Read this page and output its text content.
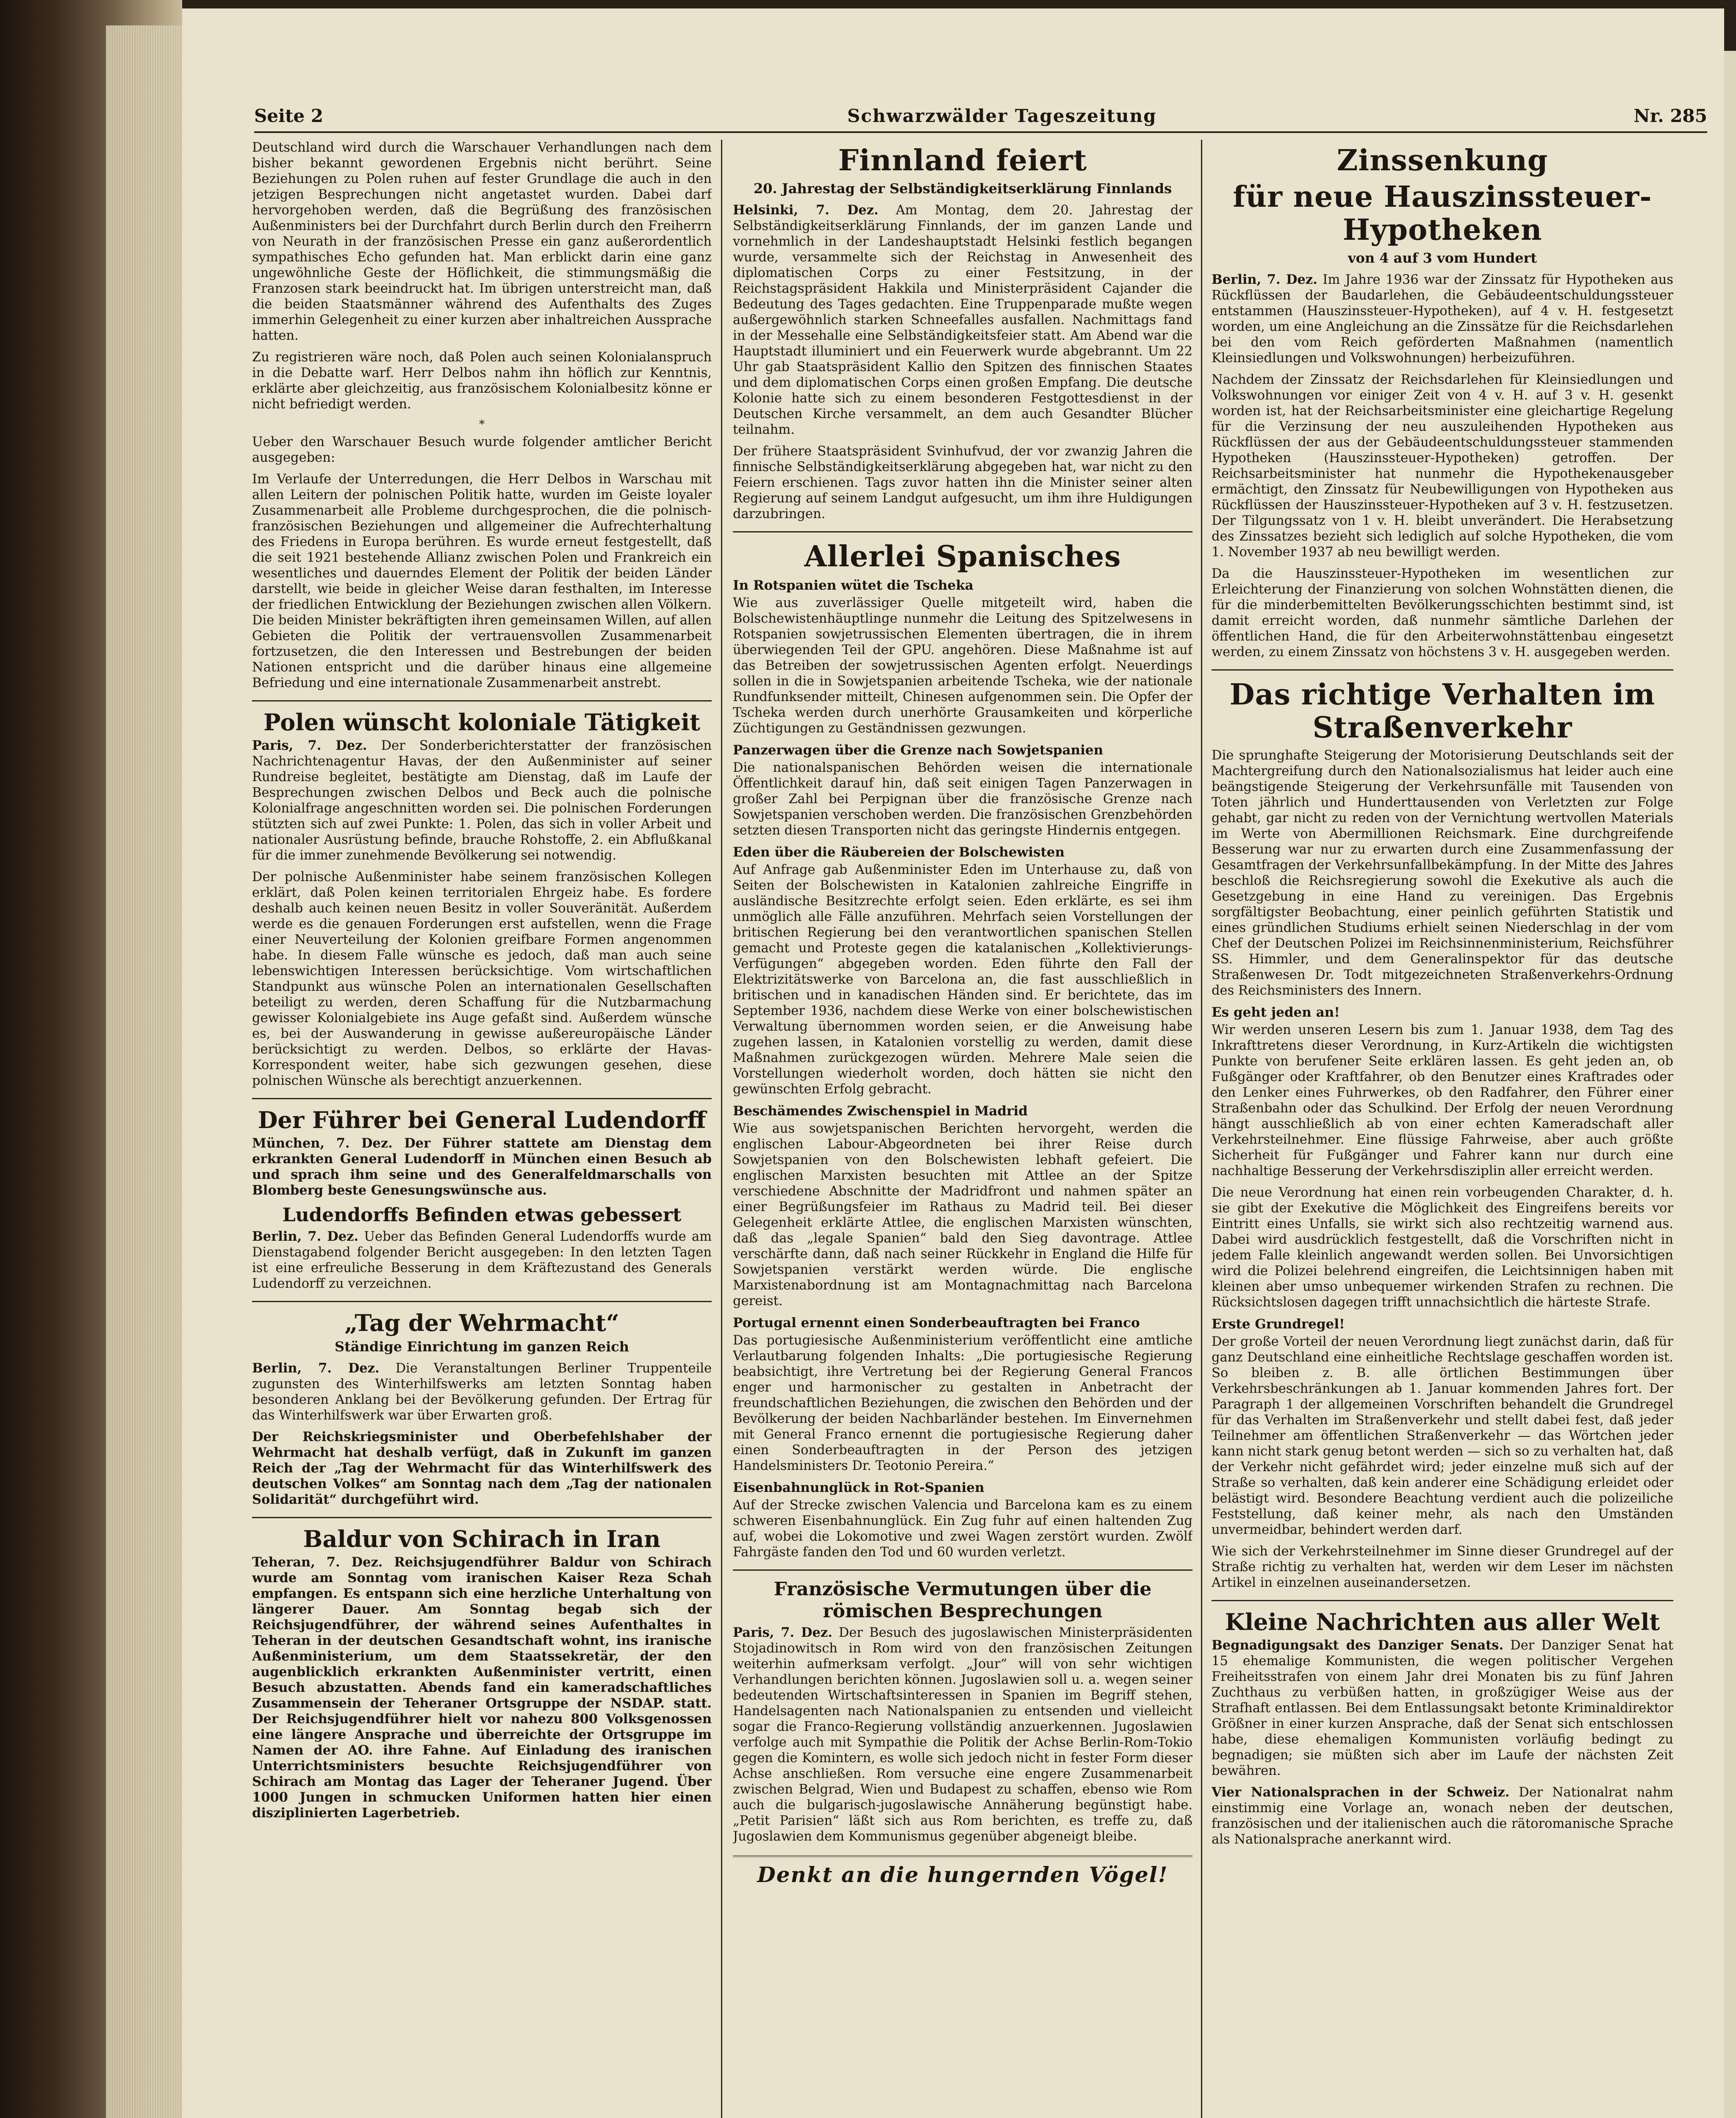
Seite 2	Schwarzwälder Tageszeitung	Nr. 285

Deutschland wird durch die Warschauer Verhandlungen nach dem bisher bekannt gewordenen Ergebnis nicht berührt. Seine Beziehungen zu Polen ruhen auf fester Grundlage die auch in den jetzigen Besprechungen nicht angetastet wurden. Dabei darf hervorgehoben werden, daß die Begrüßung des französischen Außenministers bei der Durchfahrt durch Berlin durch den Freiherrn von Neurath in der französischen Presse ein ganz außerordentlich sympathisches Echo gefunden hat. Man erblickt darin eine ganz ungewöhnliche Geste der Höflichkeit, die stimmungsmäßig die Franzosen stark beeindruckt hat. Im übrigen unterstreicht man, daß die beiden Staatsmänner während des Aufenthalts des Zuges immerhin Gelegenheit zu einer kurzen aber inhaltreichen Aussprache hatten.

Zu registrieren wäre noch, daß Polen auch seinen Kolonialanspruch in die Debatte warf. Herr Delbos nahm ihn höflich zur Kenntnis, erklärte aber gleichzeitig, aus französischem Kolonialbesitz könne er nicht befriedigt werden.

*

Ueber den Warschauer Besuch wurde folgender amtlicher Bericht ausgegeben:

Im Verlaufe der Unterredungen, die Herr Delbos in Warschau mit allen Leitern der polnischen Politik hatte, wurden im Geiste loyaler Zusammenarbeit alle Probleme durchgesprochen, die die polnisch-französischen Beziehungen und allgemeiner die Aufrechterhaltung des Friedens in Europa berühren. Es wurde erneut festgestellt, daß die seit 1921 bestehende Allianz zwischen Polen und Frankreich ein wesentliches und dauerndes Element der Politik der beiden Länder darstellt, wie beide in gleicher Weise daran festhalten, im Interesse der friedlichen Entwicklung der Beziehungen zwischen allen Völkern. Die beiden Minister bekräftigten ihren gemeinsamen Willen, auf allen Gebieten die Politik der vertrauensvollen Zusammenarbeit fortzusetzen, die den Interessen und Bestrebungen der beiden Nationen entspricht und die darüber hinaus eine allgemeine Befriedung und eine internationale Zusammenarbeit anstrebt.

Polen wünscht koloniale Tätigkeit

Paris, 7. Dez. Der Sonderberichterstatter der französischen Nachrichtenagentur Havas, der den Außenminister auf seiner Rundreise begleitet, bestätigte am Dienstag, daß im Laufe der Besprechungen zwischen Delbos und Beck auch die polnische Kolonialfrage angeschnitten worden sei. Die polnischen Forderungen stützten sich auf zwei Punkte: 1. Polen, das sich in voller Arbeit und nationaler Ausrüstung befinde, brauche Rohstoffe, 2. ein Abflußkanal für die immer zunehmende Bevölkerung sei notwendig.

Der polnische Außenminister habe seinem französischen Kollegen erklärt, daß Polen keinen territorialen Ehrgeiz habe. Es fordere deshalb auch keinen neuen Besitz in voller Souveränität. Außerdem werde es die genauen Forderungen erst aufstellen, wenn die Frage einer Neuverteilung der Kolonien greifbare Formen angenommen habe. In diesem Falle wünsche es jedoch, daß man auch seine lebenswichtigen Interessen berücksichtige. Vom wirtschaftlichen Standpunkt aus wünsche Polen an internationalen Gesellschaften beteiligt zu werden, deren Schaffung für die Nutzbarmachung gewisser Kolonialgebiete ins Auge gefaßt sind. Außerdem wünsche es, bei der Auswanderung in gewisse außereuropäische Länder berücksichtigt zu werden. Delbos, so erklärte der Havas-Korrespondent weiter, habe sich gezwungen gesehen, diese polnischen Wünsche als berechtigt anzuerkennen.

Der Führer bei General Ludendorff

München, 7. Dez. Der Führer stattete am Dienstag dem erkrankten General Ludendorff in München einen Besuch ab und sprach ihm seine und des Generalfeldmarschalls von Blomberg beste Genesungswünsche aus.

Ludendorffs Befinden etwas gebessert

Berlin, 7. Dez. Ueber das Befinden General Ludendorffs wurde am Dienstagabend folgender Bericht ausgegeben: In den letzten Tagen ist eine erfreuliche Besserung in dem Kräftezustand des Generals Ludendorff zu verzeichnen.

„Tag der Wehrmacht“
Ständige Einrichtung im ganzen Reich

Berlin, 7. Dez. Die Veranstaltungen Berliner Truppenteile zugunsten des Winterhilfswerks am letzten Sonntag haben besonderen Anklang bei der Bevölkerung gefunden. Der Ertrag für das Winterhilfswerk war über Erwarten groß.

Der Reichskriegsminister und Oberbefehlshaber der Wehrmacht hat deshalb verfügt, daß in Zukunft im ganzen Reich der „Tag der Wehrmacht für das Winterhilfswerk des deutschen Volkes“ am Sonntag nach dem „Tag der nationalen Solidarität“ durchgeführt wird.

Baldur von Schirach in Iran

Teheran, 7. Dez. Reichsjugendführer Baldur von Schirach wurde am Sonntag vom iranischen Kaiser Reza Schah empfangen. Es entspann sich eine herzliche Unterhaltung von längerer Dauer. Am Sonntag begab sich der Reichsjugendführer, der während seines Aufenthaltes in Teheran in der deutschen Gesandtschaft wohnt, ins iranische Außenministerium, um dem Staatssekretär, der den augenblicklich erkrankten Außenminister vertritt, einen Besuch abzustatten. Abends fand ein kameradschaftliches Zusammensein der Teheraner Ortsgruppe der NSDAP. statt. Der Reichsjugendführer hielt vor nahezu 800 Volksgenossen eine längere Ansprache und überreichte der Ortsgruppe im Namen der AO. ihre Fahne. Auf Einladung des iranischen Unterrichtsministers besuchte Reichsjugendführer von Schirach am Montag das Lager der Teheraner Jugend. Über 1000 Jungen in schmucken Uniformen hatten hier einen disziplinierten Lagerbetrieb.

Finnland feiert
20. Jahrestag der Selbständigkeitserklärung Finnlands

Helsinki, 7. Dez. Am Montag, dem 20. Jahrestag der Selbständigkeitserklärung Finnlands, der im ganzen Lande und vornehmlich in der Landeshauptstadt Helsinki festlich begangen wurde, versammelte sich der Reichstag in Anwesenheit des diplomatischen Corps zu einer Festsitzung, in der Reichstagspräsident Hakkila und Ministerpräsident Cajander die Bedeutung des Tages gedachten. Eine Truppenparade mußte wegen außergewöhnlich starken Schneefalles ausfallen. Nachmittags fand in der Messehalle eine Selbständigkeitsfeier statt. Am Abend war die Hauptstadt illuminiert und ein Feuerwerk wurde abgebrannt. Um 22 Uhr gab Staatspräsident Kallio den Spitzen des finnischen Staates und dem diplomatischen Corps einen großen Empfang. Die deutsche Kolonie hatte sich zu einem besonderen Festgottesdienst in der Deutschen Kirche versammelt, an dem auch Gesandter Blücher teilnahm.

Der frühere Staatspräsident Svinhufvud, der vor zwanzig Jahren die finnische Selbständigkeitserklärung abgegeben hat, war nicht zu den Feiern erschienen. Tags zuvor hatten ihn die Minister seiner alten Regierung auf seinem Landgut aufgesucht, um ihm ihre Huldigungen darzubringen.

Allerlei Spanisches
In Rotspanien wütet die Tscheka

Wie aus zuverlässiger Quelle mitgeteilt wird, haben die Bolschewistenhäuptlinge nunmehr die Leitung des Spitzelwesens in Rotspanien sowjetrussischen Elementen übertragen, die in ihrem überwiegenden Teil der GPU. angehören. Diese Maßnahme ist auf das Betreiben der sowjetrussischen Agenten erfolgt. Neuerdings sollen in die in Sowjetspanien arbeitende Tscheka, wie der nationale Rundfunksender mitteilt, Chinesen aufgenommen sein. Die Opfer der Tscheka werden durch unerhörte Grausamkeiten und körperliche Züchtigungen zu Geständnissen gezwungen.

Panzerwagen über die Grenze nach Sowjetspanien

Die nationalspanischen Behörden weisen die internationale Öffentlichkeit darauf hin, daß seit einigen Tagen Panzerwagen in großer Zahl bei Perpignan über die französische Grenze nach Sowjetspanien verschoben werden. Die französischen Grenzbehörden setzten diesen Transporten nicht das geringste Hindernis entgegen.

Eden über die Räubereien der Bolschewisten

Auf Anfrage gab Außenminister Eden im Unterhause zu, daß von Seiten der Bolschewisten in Katalonien zahlreiche Eingriffe in ausländische Besitzrechte erfolgt seien. Eden erklärte, es sei ihm unmöglich alle Fälle anzuführen. Mehrfach seien Vorstellungen der britischen Regierung bei den verantwortlichen spanischen Stellen gemacht und Proteste gegen die katalanischen „Kollektivierungs-Verfügungen“ abgegeben worden. Eden führte den Fall der Elektrizitätswerke von Barcelona an, die fast ausschließlich in britischen und in kanadischen Händen sind. Er berichtete, das im September 1936, nachdem diese Werke von einer bolschewistischen Verwaltung übernommen worden seien, er die Anweisung habe zugehen lassen, in Katalonien vorstellig zu werden, damit diese Maßnahmen zurückgezogen würden. Mehrere Male seien die Vorstellungen wiederholt worden, doch hätten sie nicht den gewünschten Erfolg gebracht.

Beschämendes Zwischenspiel in Madrid

Wie aus sowjetspanischen Berichten hervorgeht, werden die englischen Labour-Abgeordneten bei ihrer Reise durch Sowjetspanien von den Bolschewisten lebhaft gefeiert. Die englischen Marxisten besuchten mit Attlee an der Spitze verschiedene Abschnitte der Madridfront und nahmen später an einer Begrüßungsfeier im Rathaus zu Madrid teil. Bei dieser Gelegenheit erklärte Attlee, die englischen Marxisten wünschten, daß das „legale Spanien“ bald den Sieg davontrage. Attlee verschärfte dann, daß nach seiner Rückkehr in England die Hilfe für Sowjetspanien verstärkt werden würde. Die englische Marxistenabordnung ist am Montagnachmittag nach Barcelona gereist.

Portugal ernennt einen Sonderbeauftragten bei Franco

Das portugiesische Außenministerium veröffentlicht eine amtliche Verlautbarung folgenden Inhalts: „Die portugiesische Regierung beabsichtigt, ihre Vertretung bei der Regierung General Francos enger und harmonischer zu gestalten in Anbetracht der freundschaftlichen Beziehungen, die zwischen den Behörden und der Bevölkerung der beiden Nachbarländer bestehen. Im Einvernehmen mit General Franco ernennt die portugiesische Regierung daher einen Sonderbeauftragten in der Person des jetzigen Handelsministers Dr. Teotonio Pereira.“

Eisenbahnunglück in Rot-Spanien

Auf der Strecke zwischen Valencia und Barcelona kam es zu einem schweren Eisenbahnunglück. Ein Zug fuhr auf einen haltenden Zug auf, wobei die Lokomotive und zwei Wagen zerstört wurden. Zwölf Fahrgäste fanden den Tod und 60 wurden verletzt.

Französische Vermutungen über die römischen Besprechungen

Paris, 7. Dez. Der Besuch des jugoslawischen Ministerpräsidenten Stojadinowitsch in Rom wird von den französischen Zeitungen weiterhin aufmerksam verfolgt. „Jour“ will von sehr wichtigen Verhandlungen berichten können. Jugoslawien soll u. a. wegen seiner bedeutenden Wirtschaftsinteressen in Spanien im Begriff stehen, Handelsagenten nach Nationalspanien zu entsenden und vielleicht sogar die Franco-Regierung vollständig anzuerkennen. Jugoslawien verfolge auch mit Sympathie die Politik der Achse Berlin-Rom-Tokio gegen die Komintern, es wolle sich jedoch nicht in fester Form dieser Achse anschließen. Rom versuche eine engere Zusammenarbeit zwischen Belgrad, Wien und Budapest zu schaffen, ebenso wie Rom auch die bulgarisch-jugoslawische Annäherung begünstigt habe. „Petit Parisien“ läßt sich aus Rom berichten, es treffe zu, daß Jugoslawien dem Kommunismus gegenüber abgeneigt bleibe.

Denkt an die hungernden Vögel!
Zinssenkung
für neue Hauszinssteuer-Hypotheken
von 4 auf 3 vom Hundert

Berlin, 7. Dez. Im Jahre 1936 war der Zinssatz für Hypotheken aus Rückflüssen der Baudarlehen, die Gebäudeentschuldungssteuer entstammen (Hauszinssteuer-Hypotheken), auf 4 v. H. festgesetzt worden, um eine Angleichung an die Zinssätze für die Reichsdarlehen bei den vom Reich geförderten Maßnahmen (namentlich Kleinsiedlungen und Volkswohnungen) herbeizuführen.

Nachdem der Zinssatz der Reichsdarlehen für Kleinsiedlungen und Volkswohnungen vor einiger Zeit von 4 v. H. auf 3 v. H. gesenkt worden ist, hat der Reichsarbeitsminister eine gleichartige Regelung für die Verzinsung der neu auszuleihenden Hypotheken aus Rückflüssen der aus der Gebäudeentschuldungssteuer stammenden Hypotheken (Hauszinssteuer-Hypotheken) getroffen. Der Reichsarbeitsminister hat nunmehr die Hypothekenausgeber ermächtigt, den Zinssatz für Neubewilligungen von Hypotheken aus Rückflüssen der Hauszinssteuer-Hypotheken auf 3 v. H. festzusetzen. Der Tilgungssatz von 1 v. H. bleibt unverändert. Die Herabsetzung des Zinssatzes bezieht sich lediglich auf solche Hypotheken, die vom 1. November 1937 ab neu bewilligt werden.

Da die Hauszinssteuer-Hypotheken im wesentlichen zur Erleichterung der Finanzierung von solchen Wohnstätten dienen, die für die minderbemittelten Bevölkerungsschichten bestimmt sind, ist damit erreicht worden, daß nunmehr sämtliche Darlehen der öffentlichen Hand, die für den Arbeiterwohnstättenbau eingesetzt werden, zu einem Zinssatz von höchstens 3 v. H. ausgegeben werden.

Das richtige Verhalten im Straßenverkehr

Die sprunghafte Steigerung der Motorisierung Deutschlands seit der Machtergreifung durch den Nationalsozialismus hat leider auch eine beängstigende Steigerung der Verkehrsunfälle mit Tausenden von Toten jährlich und Hunderttausenden von Verletzten zur Folge gehabt, gar nicht zu reden von der Vernichtung wertvollen Materials im Werte von Abermillionen Reichsmark. Eine durchgreifende Besserung war nur zu erwarten durch eine Zusammenfassung der Gesamtfragen der Verkehrsunfallbekämpfung. In der Mitte des Jahres beschloß die Reichsregierung sowohl die Exekutive als auch die Gesetzgebung in eine Hand zu vereinigen. Das Ergebnis sorgfältigster Beobachtung, einer peinlich geführten Statistik und eines gründlichen Studiums erhielt seinen Niederschlag in der vom Chef der Deutschen Polizei im Reichsinnenministerium, Reichsführer SS. Himmler, und dem Generalinspektor für das deutsche Straßenwesen Dr. Todt mitgezeichneten Straßenverkehrs-Ordnung des Reichsministers des Innern.

Es geht jeden an!

Wir werden unseren Lesern bis zum 1. Januar 1938, dem Tag des Inkrafttretens dieser Verordnung, in Kurz-Artikeln die wichtigsten Punkte von berufener Seite erklären lassen. Es geht jeden an, ob Fußgänger oder Kraftfahrer, ob den Benutzer eines Kraftrades oder den Lenker eines Fuhrwerkes, ob den Radfahrer, den Führer einer Straßenbahn oder das Schulkind. Der Erfolg der neuen Verordnung hängt ausschließlich ab von einer echten Kameradschaft aller Verkehrsteilnehmer. Eine flüssige Fahrweise, aber auch größte Sicherheit für Fußgänger und Fahrer kann nur durch eine nachhaltige Besserung der Verkehrsdisziplin aller erreicht werden.

Die neue Verordnung hat einen rein vorbeugenden Charakter, d. h. sie gibt der Exekutive die Möglichkeit des Eingreifens bereits vor Eintritt eines Unfalls, sie wirkt sich also rechtzeitig warnend aus. Dabei wird ausdrücklich festgestellt, daß die Vorschriften nicht in jedem Falle kleinlich angewandt werden sollen. Bei Unvorsichtigen wird die Polizei belehrend eingreifen, die Leichtsinnigen haben mit kleinen aber umso unbequemer wirkenden Strafen zu rechnen. Die Rücksichtslosen dagegen trifft unnachsichtlich die härteste Strafe.

Erste Grundregel!

Der große Vorteil der neuen Verordnung liegt zunächst darin, daß für ganz Deutschland eine einheitliche Rechtslage geschaffen worden ist. So bleiben z. B. alle örtlichen Bestimmungen über Verkehrsbeschränkungen ab 1. Januar kommenden Jahres fort. Der Paragraph 1 der allgemeinen Vorschriften behandelt die Grundregel für das Verhalten im Straßenverkehr und stellt dabei fest, daß jeder Teilnehmer am öffentlichen Straßenverkehr — das Wörtchen jeder kann nicht stark genug betont werden — sich so zu verhalten hat, daß der Verkehr nicht gefährdet wird; jeder einzelne muß sich auf der Straße so verhalten, daß kein anderer eine Schädigung erleidet oder belästigt wird. Besondere Beachtung verdient auch die polizeiliche Feststellung, daß keiner mehr, als nach den Umständen unvermeidbar, behindert werden darf.

Wie sich der Verkehrsteilnehmer im Sinne dieser Grundregel auf der Straße richtig zu verhalten hat, werden wir dem Leser im nächsten Artikel in einzelnen auseinandersetzen.

Kleine Nachrichten aus aller Welt

Begnadigungsakt des Danziger Senats. Der Danziger Senat hat 15 ehemalige Kommunisten, die wegen politischer Vergehen Freiheitsstrafen von einem Jahr drei Monaten bis zu fünf Jahren Zuchthaus zu verbüßen hatten, in großzügiger Weise aus der Strafhaft entlassen. Bei dem Entlassungsakt betonte Kriminaldirektor Größner in einer kurzen Ansprache, daß der Senat sich entschlossen habe, diese ehemaligen Kommunisten vorläufig bedingt zu begnadigen; sie müßten sich aber im Laufe der nächsten Zeit bewähren.

Vier Nationalsprachen in der Schweiz. Der Nationalrat nahm einstimmig eine Vorlage an, wonach neben der deutschen, französischen und der italienischen auch die rätoromanische Sprache als Nationalsprache anerkannt wird.
